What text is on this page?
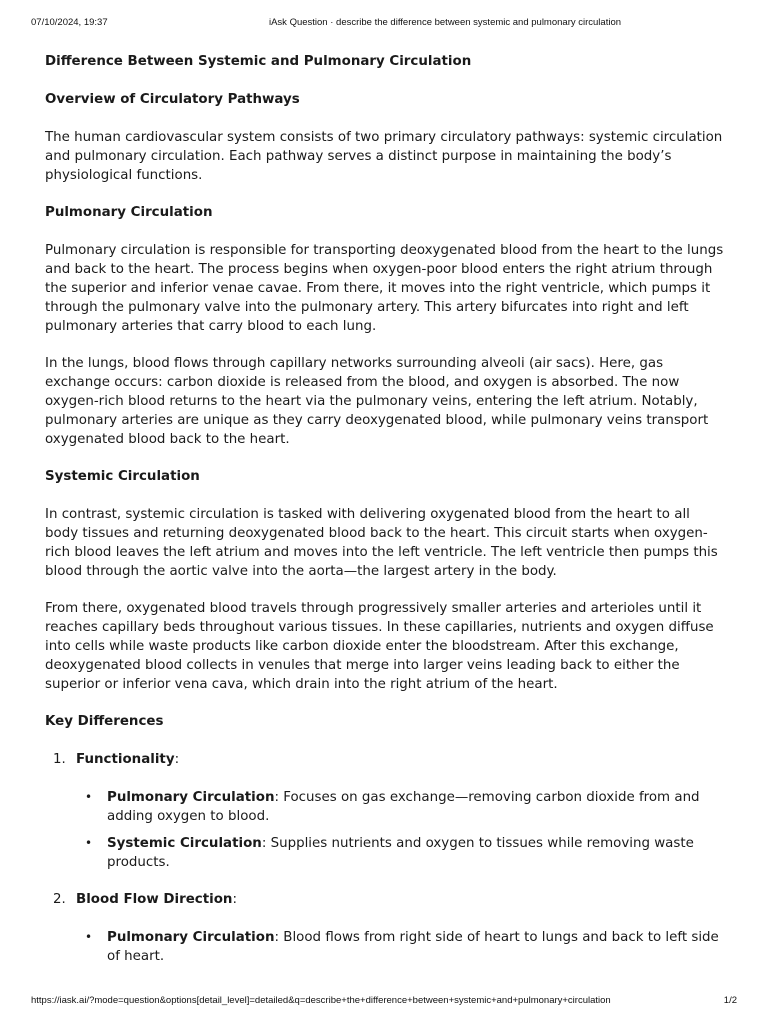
07/10/2024, 19:37	iAsk Question · describe the difference between systemic and pulmonary circulation
Difference Between Systemic and Pulmonary Circulation
Overview of Circulatory Pathways

The human cardiovascular system consists of two primary circulatory pathways: systemic circulation and pulmonary circulation. Each pathway serves a distinct purpose in maintaining the body’s physiological functions.

Pulmonary Circulation

Pulmonary circulation is responsible for transporting deoxygenated blood from the heart to the lungs and back to the heart. The process begins when oxygen-poor blood enters the right atrium through the superior and inferior venae cavae. From there, it moves into the right ventricle, which pumps it through the pulmonary valve into the pulmonary artery. This artery bifurcates into right and left pulmonary arteries that carry blood to each lung.

In the lungs, blood flows through capillary networks surrounding alveoli (air sacs). Here, gas exchange occurs: carbon dioxide is released from the blood, and oxygen is absorbed. The now oxygen-rich blood returns to the heart via the pulmonary veins, entering the left atrium. Notably, pulmonary arteries are unique as they carry deoxygenated blood, while pulmonary veins transport oxygenated blood back to the heart.

Systemic Circulation

In contrast, systemic circulation is tasked with delivering oxygenated blood from the heart to all body tissues and returning deoxygenated blood back to the heart. This circuit starts when oxygen-rich blood leaves the left atrium and moves into the left ventricle. The left ventricle then pumps this blood through the aortic valve into the aorta—the largest artery in the body.

From there, oxygenated blood travels through progressively smaller arteries and arterioles until it reaches capillary beds throughout various tissues. In these capillaries, nutrients and oxygen diffuse into cells while waste products like carbon dioxide enter the bloodstream. After this exchange, deoxygenated blood collects in venules that merge into larger veins leading back to either the superior or inferior vena cava, which drain into the right atrium of the heart.

Key Differences
1. Functionality:
• Pulmonary Circulation: Focuses on gas exchange—removing carbon dioxide from and adding oxygen to blood.
• Systemic Circulation: Supplies nutrients and oxygen to tissues while removing waste products.
2. Blood Flow Direction:
• Pulmonary Circulation: Blood flows from right side of heart to lungs and back to left side of heart.
https://iask.ai/?mode=question&options[detail_level]=detailed&q=describe+the+difference+between+systemic+and+pulmonary+circulation	1/2
